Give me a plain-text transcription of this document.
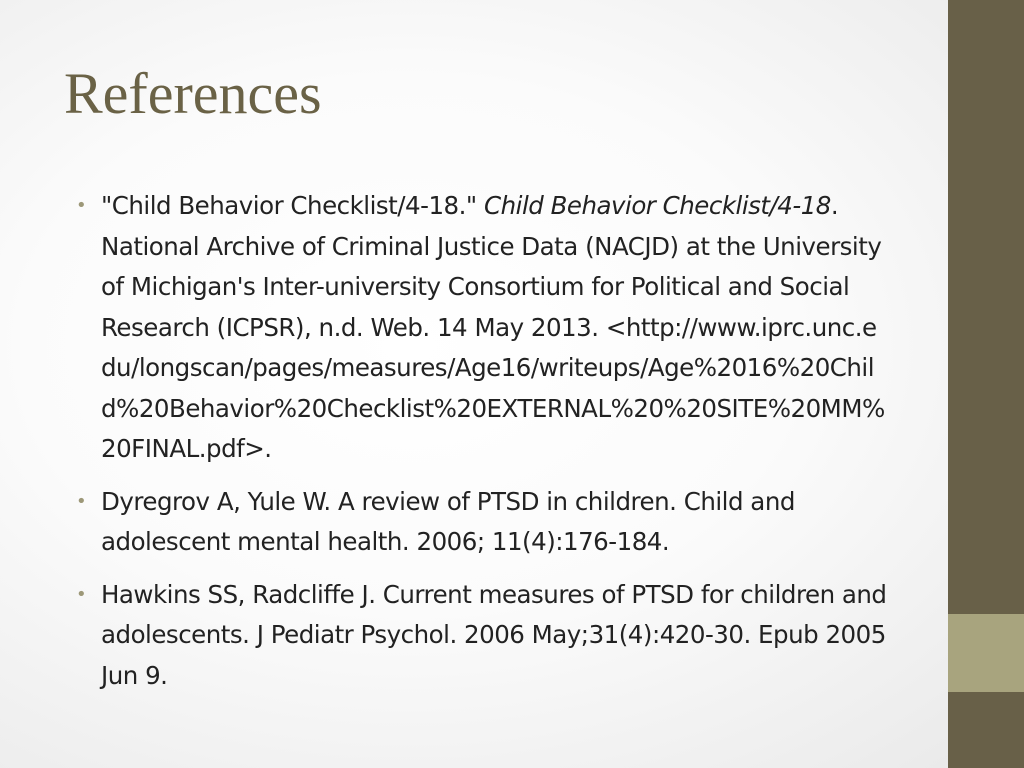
References
• "Child Behavior Checklist/4-18." Child Behavior Checklist/4-18. National Archive of Criminal Justice Data (NACJD) at the University of Michigan's Inter-university Consortium for Political and Social Research (ICPSR), n.d. Web. 14 May 2013. <http://www.iprc.unc.edu/longscan/pages/measures/Age16/writeups/Age%2016%20Child%20Behavior%20Checklist%20EXTERNAL%20%20SITE%20MM%20FINAL.pdf>.
• Dyregrov A, Yule W. A review of PTSD in children. Child and adolescent mental health. 2006; 11(4):176-184.
• Hawkins SS, Radcliffe J. Current measures of PTSD for children and adolescents. J Pediatr Psychol. 2006 May;31(4):420-30. Epub 2005 Jun 9.
